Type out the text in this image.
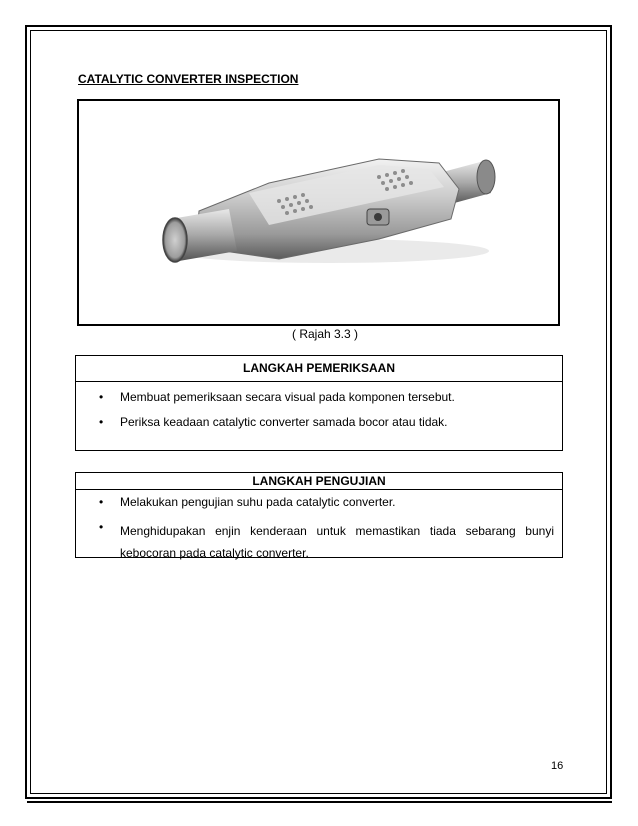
CATALYTIC CONVERTER INSPECTION
( Rajah 3.3 )
LANGKAH PEMERIKSAAN
• Membuat pemeriksaan secara visual pada komponen tersebut.
• Periksa keadaan catalytic converter samada bocor atau tidak.
LANGKAH PENGUJIAN
• Melakukan pengujian suhu pada catalytic converter.
• Menghidupakan enjin kenderaan untuk memastikan tiada sebarang bunyi kebocoran pada catalytic converter.
16
